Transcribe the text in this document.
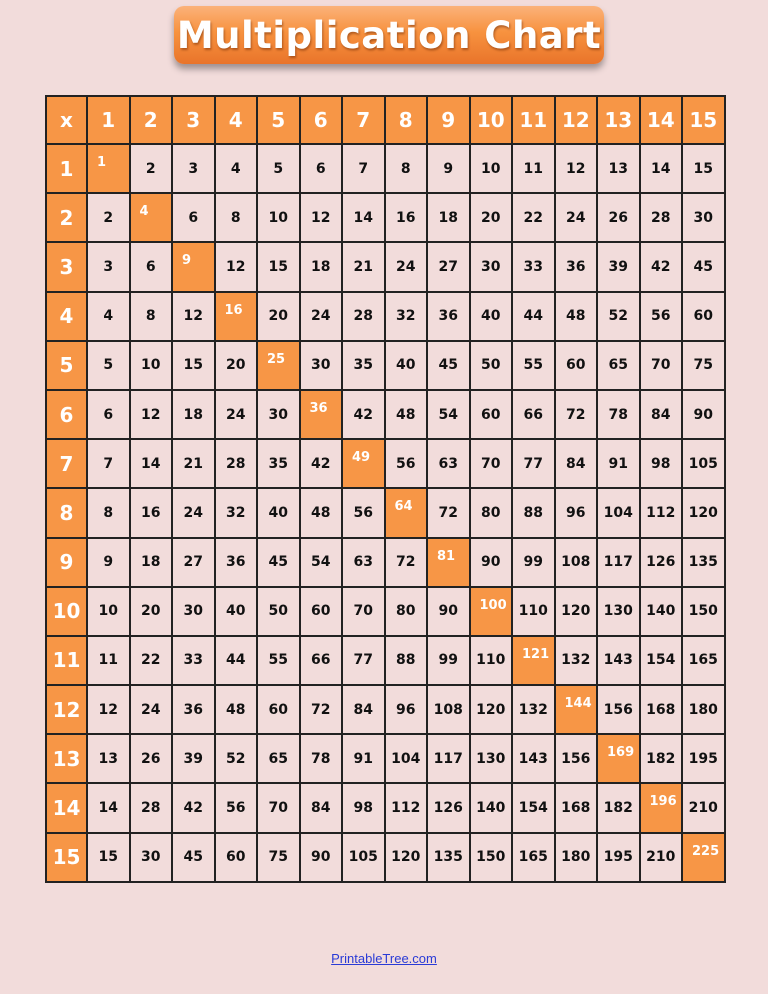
Multiplication Chart
x	1	2	3	4	5	6	7	8	9	10 11 12 13 14 15
1	1	2	3	4	5	6	7	8	9	10	11	12	13	14	15
2	2	4	6	8	10	12	14	16	18	20	22	24	26	28	30
3	3	6	9	12	15	18	21	24	27	30	33	36	39	42	45
4	4	8	12	16	20	24	28	32	36	40	44	48	52	56	60
5	5	10	15	20	25	30	35	40	45	50	55	60	65	70	75
6	6	12	18	24	30	36	42	48	54	60	66	72	78	84	90
7	7	14	21	28	35	42	49	56	63	70	77	84	91	98	105
8	8	16	24	32	40	48	56	64	72	80	88	96	104 112 120
9	9	18	27	36	45	54	63	72	81	90	99	108 117 126 135
10	10	20	30	40	50	60	70	80	90	100 110 120 130 140 150
11	11	22	33	44	55	66	77	88	99	110	121 132 143 154 165
12	12	24	36	48	60	72	84	96	108 120 132	144 156 168 180
13	13	26	39	52	65	78	91	104 117 130 143 156	169 182 195
14	14	28	42	56	70	84	98	112 126 140 154 168 182	196 210
15	15	30	45	60	75	90	105 120 135 150 165 180 195 210	225
PrintableTree.com
